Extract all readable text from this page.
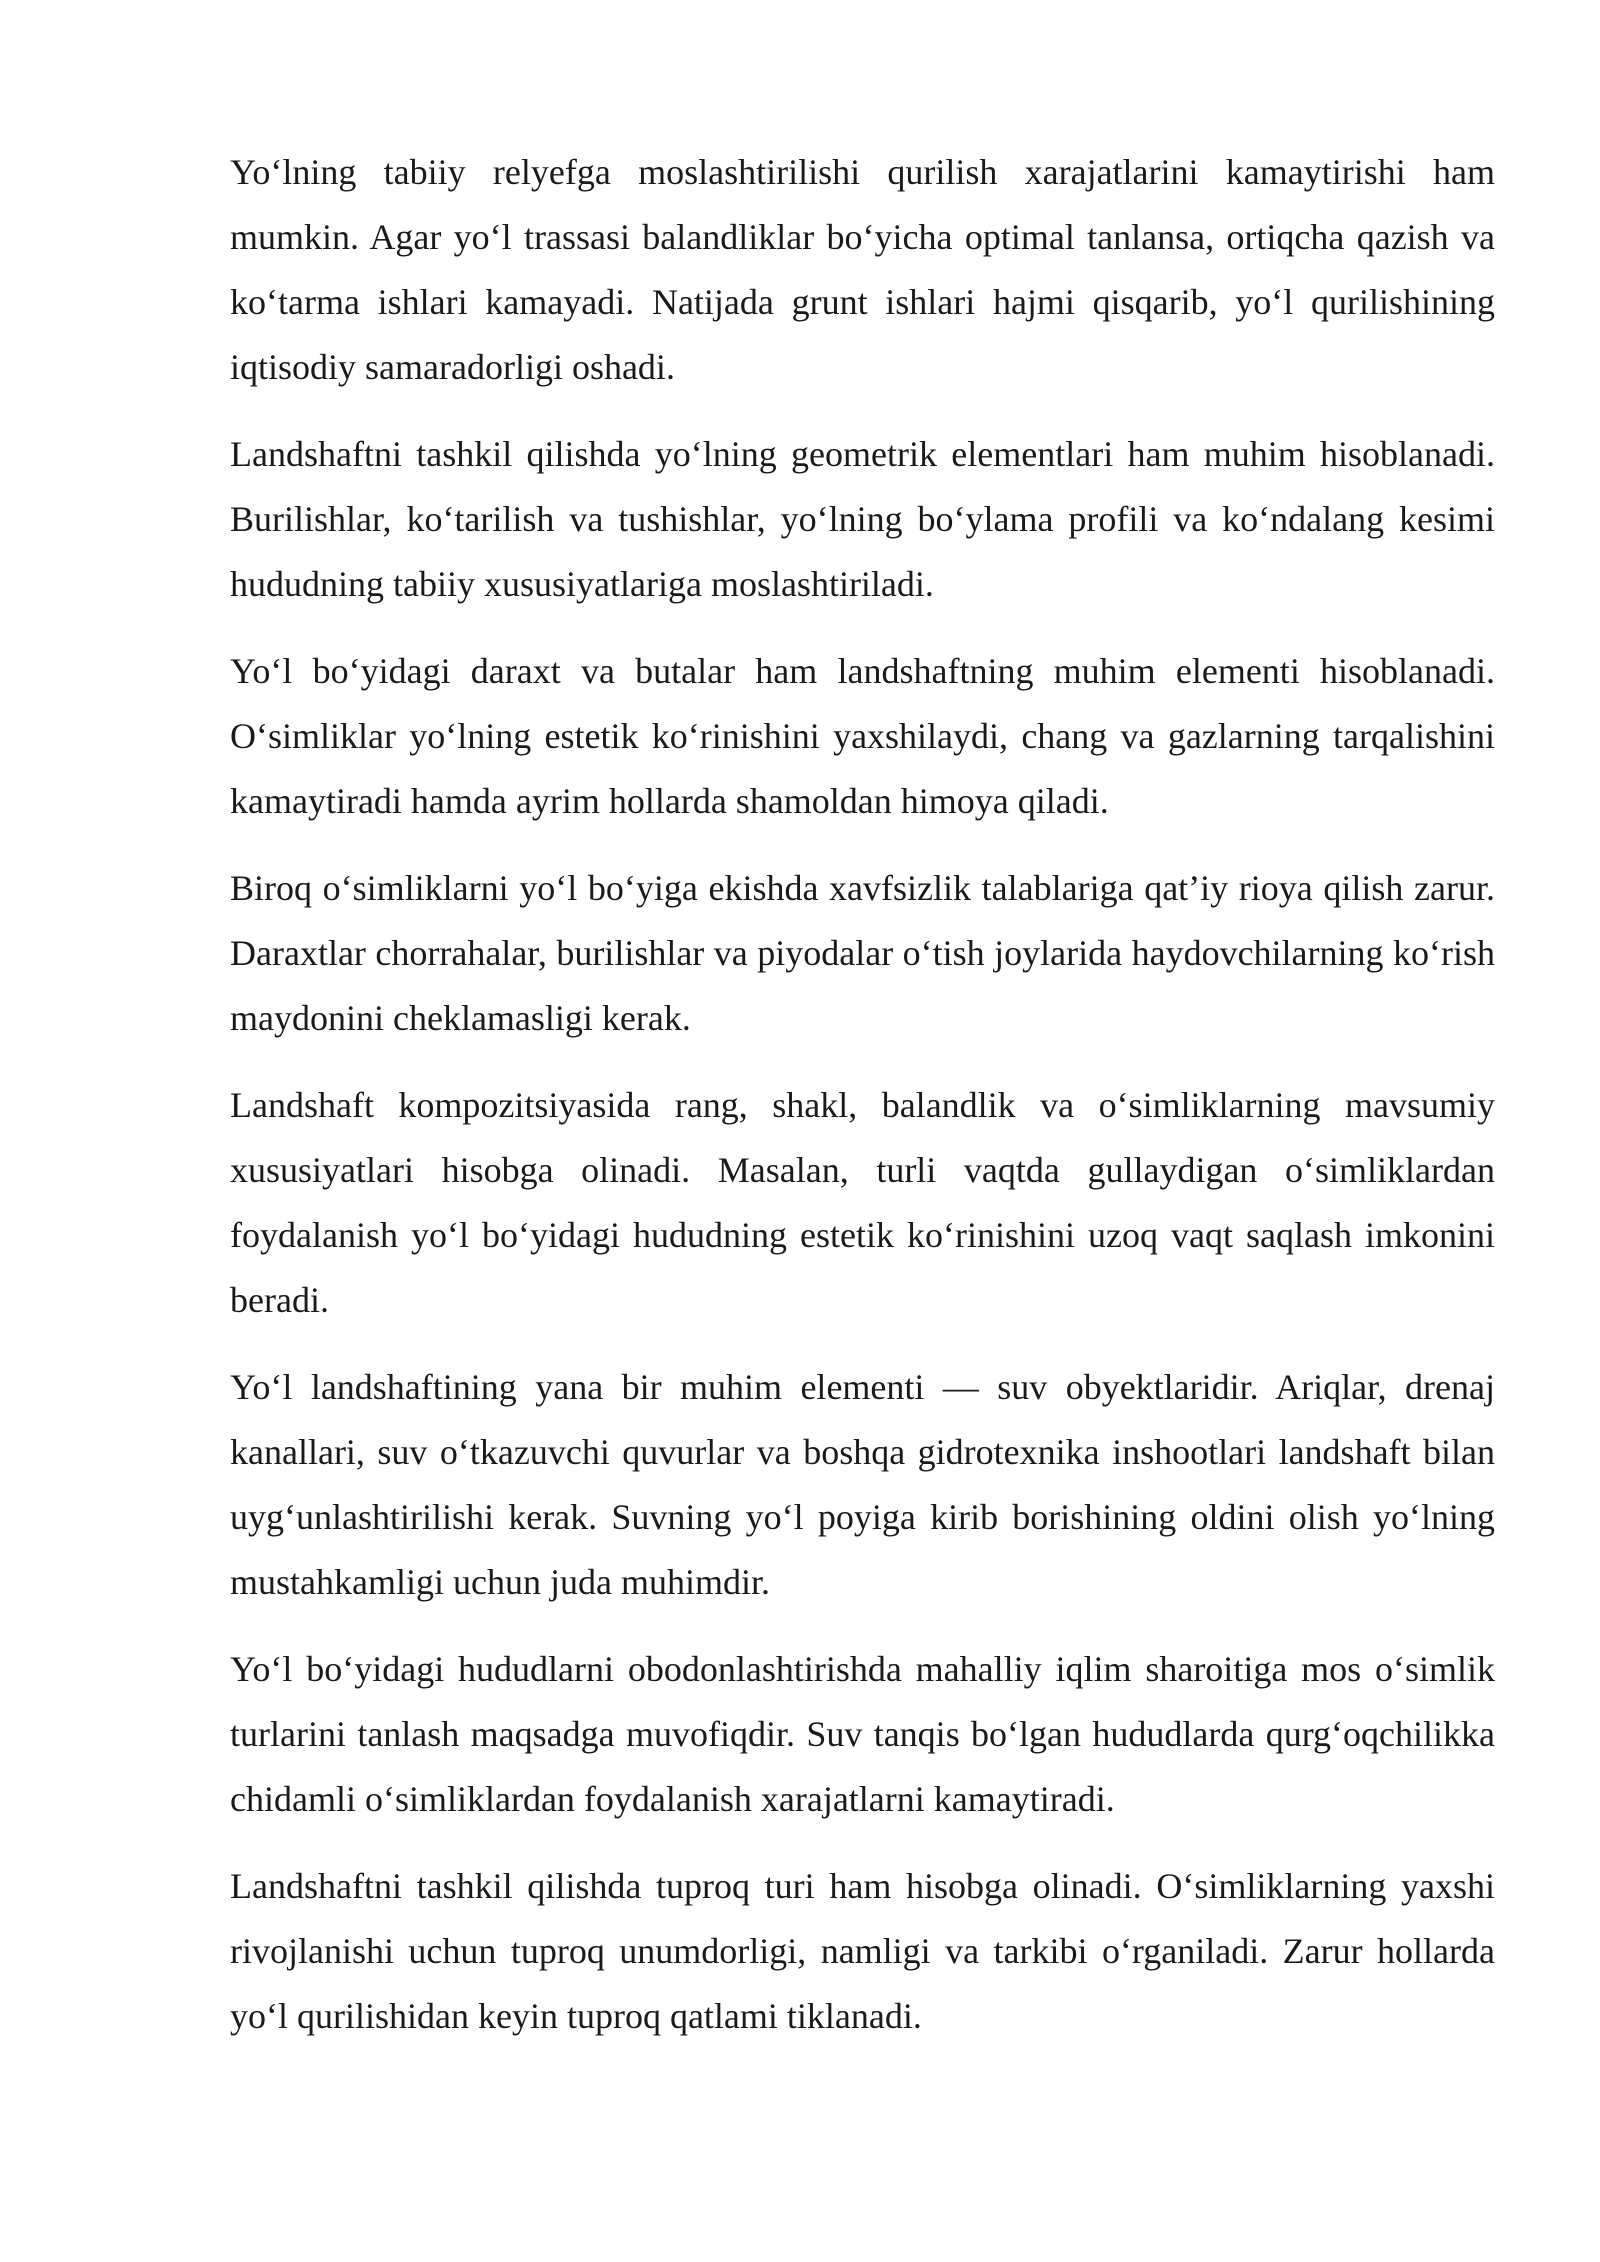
Yo‘lning tabiiy relyefga moslashtirilishi qurilish xarajatlarini kamaytirishi ham mumkin. Agar yo‘l trassasi balandliklar bo‘yicha optimal tanlansa, ortiqcha qazish va ko‘tarma ishlari kamayadi. Natijada grunt ishlari hajmi qisqarib, yo‘l qurilishining iqtisodiy samaradorligi oshadi.

Landshaftni tashkil qilishda yo‘lning geometrik elementlari ham muhim hisoblanadi. Burilishlar, ko‘tarilish va tushishlar, yo‘lning bo‘ylama profili va ko‘ndalang kesimi hududning tabiiy xususiyatlariga moslashtiriladi.

Yo‘l bo‘yidagi daraxt va butalar ham landshaftning muhim elementi hisoblanadi. O‘simliklar yo‘lning estetik ko‘rinishini yaxshilaydi, chang va gazlarning tarqalishini kamaytiradi hamda ayrim hollarda shamoldan himoya qiladi.

Biroq o‘simliklarni yo‘l bo‘yiga ekishda xavfsizlik talablariga qat’iy rioya qilish zarur. Daraxtlar chorrahalar, burilishlar va piyodalar o‘tish joylarida haydovchilarning ko‘rish maydonini cheklamasligi kerak.

Landshaft kompozitsiyasida rang, shakl, balandlik va o‘simliklarning mavsumiy xususiyatlari hisobga olinadi. Masalan, turli vaqtda gullaydigan o‘simliklardan foydalanish yo‘l bo‘yidagi hududning estetik ko‘rinishini uzoq vaqt saqlash imkonini beradi.

Yo‘l landshaftining yana bir muhim elementi — suv obyektlaridir. Ariqlar, drenaj kanallari, suv o‘tkazuvchi quvurlar va boshqa gidrotexnika inshootlari landshaft bilan uyg‘unlashtirilishi kerak. Suvning yo‘l poyiga kirib borishining oldini olish yo‘lning mustahkamligi uchun juda muhimdir.

Yo‘l bo‘yidagi hududlarni obodonlashtirishda mahalliy iqlim sharoitiga mos o‘simlik turlarini tanlash maqsadga muvofiqdir. Suv tanqis bo‘lgan hududlarda qurg‘oqchilikka chidamli o‘simliklardan foydalanish xarajatlarni kamaytiradi.

Landshaftni tashkil qilishda tuproq turi ham hisobga olinadi. O‘simliklarning yaxshi rivojlanishi uchun tuproq unumdorligi, namligi va tarkibi o‘rganiladi. Zarur hollarda yo‘l qurilishidan keyin tuproq qatlami tiklanadi.
